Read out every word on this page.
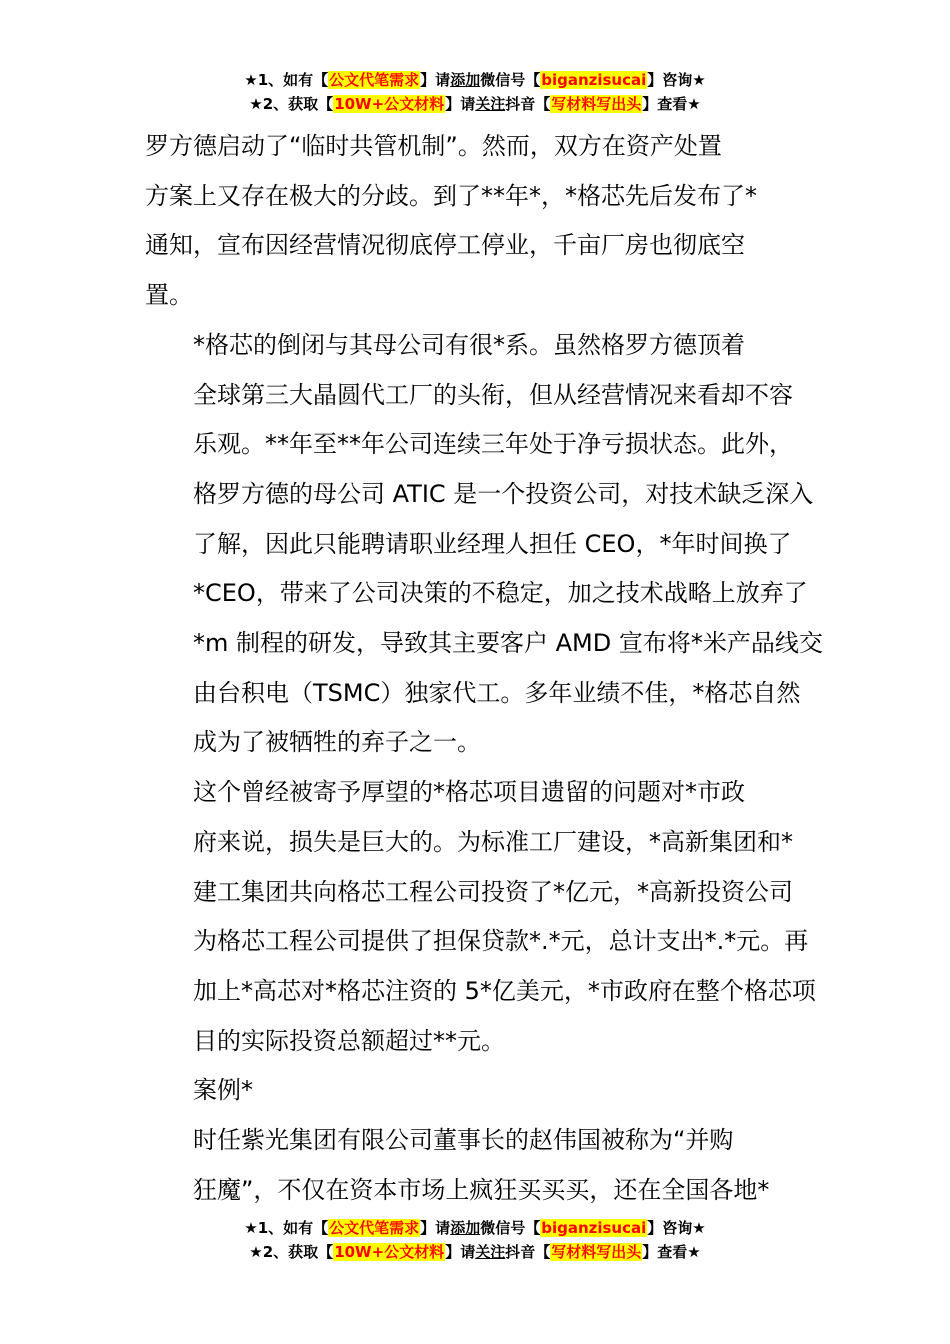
★1、如有【公文代笔需求】请添加微信号【biganzisucai】咨询★
★2、获取【10W+公文材料】请关注抖音【写材料写出头】查看★

罗方德启动了“临时共管机制”。然而，双方在资产处置
方案上又存在极大的分歧。到了**年*，*格芯先后发布了*
通知，宣布因经营情况彻底停工停业，千亩厂房也彻底空
置。

*格芯的倒闭与其母公司有很*系。虽然格罗方德顶着
全球第三大晶圆代工厂的头衔，但从经营情况来看却不容
乐观。**年至**年公司连续三年处于净亏损状态。此外，
格罗方德的母公司 ATIC 是一个投资公司，对技术缺乏深入
了解，因此只能聘请职业经理人担任 CEO，*年时间换了
*CEO，带来了公司决策的不稳定，加之技术战略上放弃了
*m 制程的研发，导致其主要客户 AMD 宣布将*米产品线交
由台积电（TSMC）独家代工。多年业绩不佳，*格芯自然
成为了被牺牲的弃子之一。

这个曾经被寄予厚望的*格芯项目遗留的问题对*市政
府来说，损失是巨大的。为标准工厂建设，*高新集团和*
建工集团共向格芯工程公司投资了*亿元，*高新投资公司
为格芯工程公司提供了担保贷款*.*元，总计支出*.*元。再
加上*高芯对*格芯注资的 5*亿美元，*市政府在整个格芯项
目的实际投资总额超过**元。

案例*

时任紫光集团有限公司董事长的赵伟国被称为“并购
狂魔”，不仅在资本市场上疯狂买买买，还在全国各地*

★1、如有【公文代笔需求】请添加微信号【biganzisucai】咨询★
★2、获取【10W+公文材料】请关注抖音【写材料写出头】查看★
